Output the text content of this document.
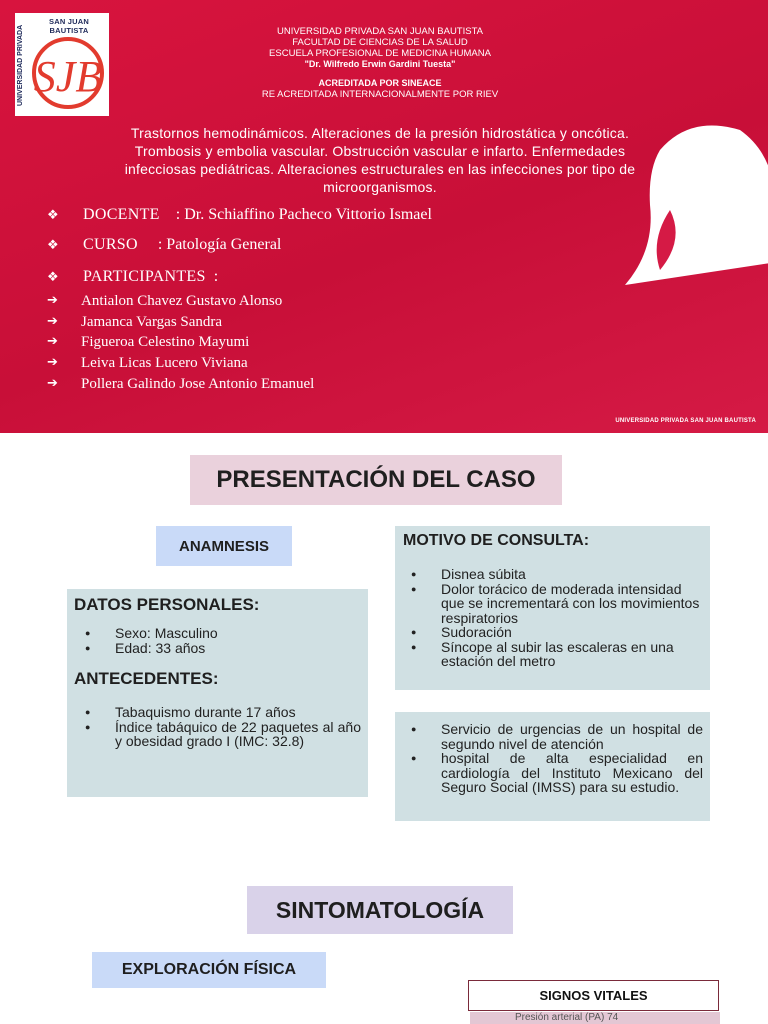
UNIVERSIDAD PRIVADA
SAN JUAN BAUTISTA
SJB
UNIVERSIDAD PRIVADA SAN JUAN BAUTISTA
FACULTAD DE CIENCIAS DE LA SALUD
ESCUELA PROFESIONAL DE MEDICINA HUMANA
"Dr. Wilfredo Erwin Gardini Tuesta"
ACREDITADA POR SINEACE
RE ACREDITADA INTERNACIONALMENTE POR RIEV
Trastornos hemodinámicos. Alteraciones de la presión hidrostática y oncótica.
Trombosis y embolia vascular. Obstrucción vascular e infarto. Enfermedades
infecciosas pediátricas. Alteraciones estructurales en las infecciones por tipo de
microorganismos.
❖	DOCENTE : Dr. Schiaffino Pacheco Vittorio Ismael
❖	CURSO : Patología General
❖	PARTICIPANTES :
➔	Antialon Chavez Gustavo Alonso
➔	Jamanca Vargas Sandra
➔	Figueroa Celestino Mayumi
➔	Leiva Licas Lucero Viviana
➔	Pollera Galindo Jose Antonio Emanuel
UNIVERSIDAD PRIVADA SAN JUAN BAUTISTA
PRESENTACIÓN DEL CASO
ANAMNESIS	MOTIVO DE CONSULTA:
● Disnea súbita
● Dolor torácico de moderada intensidad que se incrementará con los movimientos respiratorios
● Sudoración
● Síncope al subir las escaleras en una estación del metro
DATOS PERSONALES:
● Sexo: Masculino
● Edad: 33 años
ANTECEDENTES:
● Tabaquismo durante 17 años
● Índice tabáquico de 22 paquetes al año y obesidad grado I (IMC: 32.8)
● Servicio de urgencias de un hospital de segundo nivel de atención
● hospital de alta especialidad en cardiología del Instituto Mexicano del Seguro Social (IMSS) para su estudio.
SINTOMATOLOGÍA
EXPLORACIÓN FÍSICA
SIGNOS VITALES
Presión arterial (PA) 74
